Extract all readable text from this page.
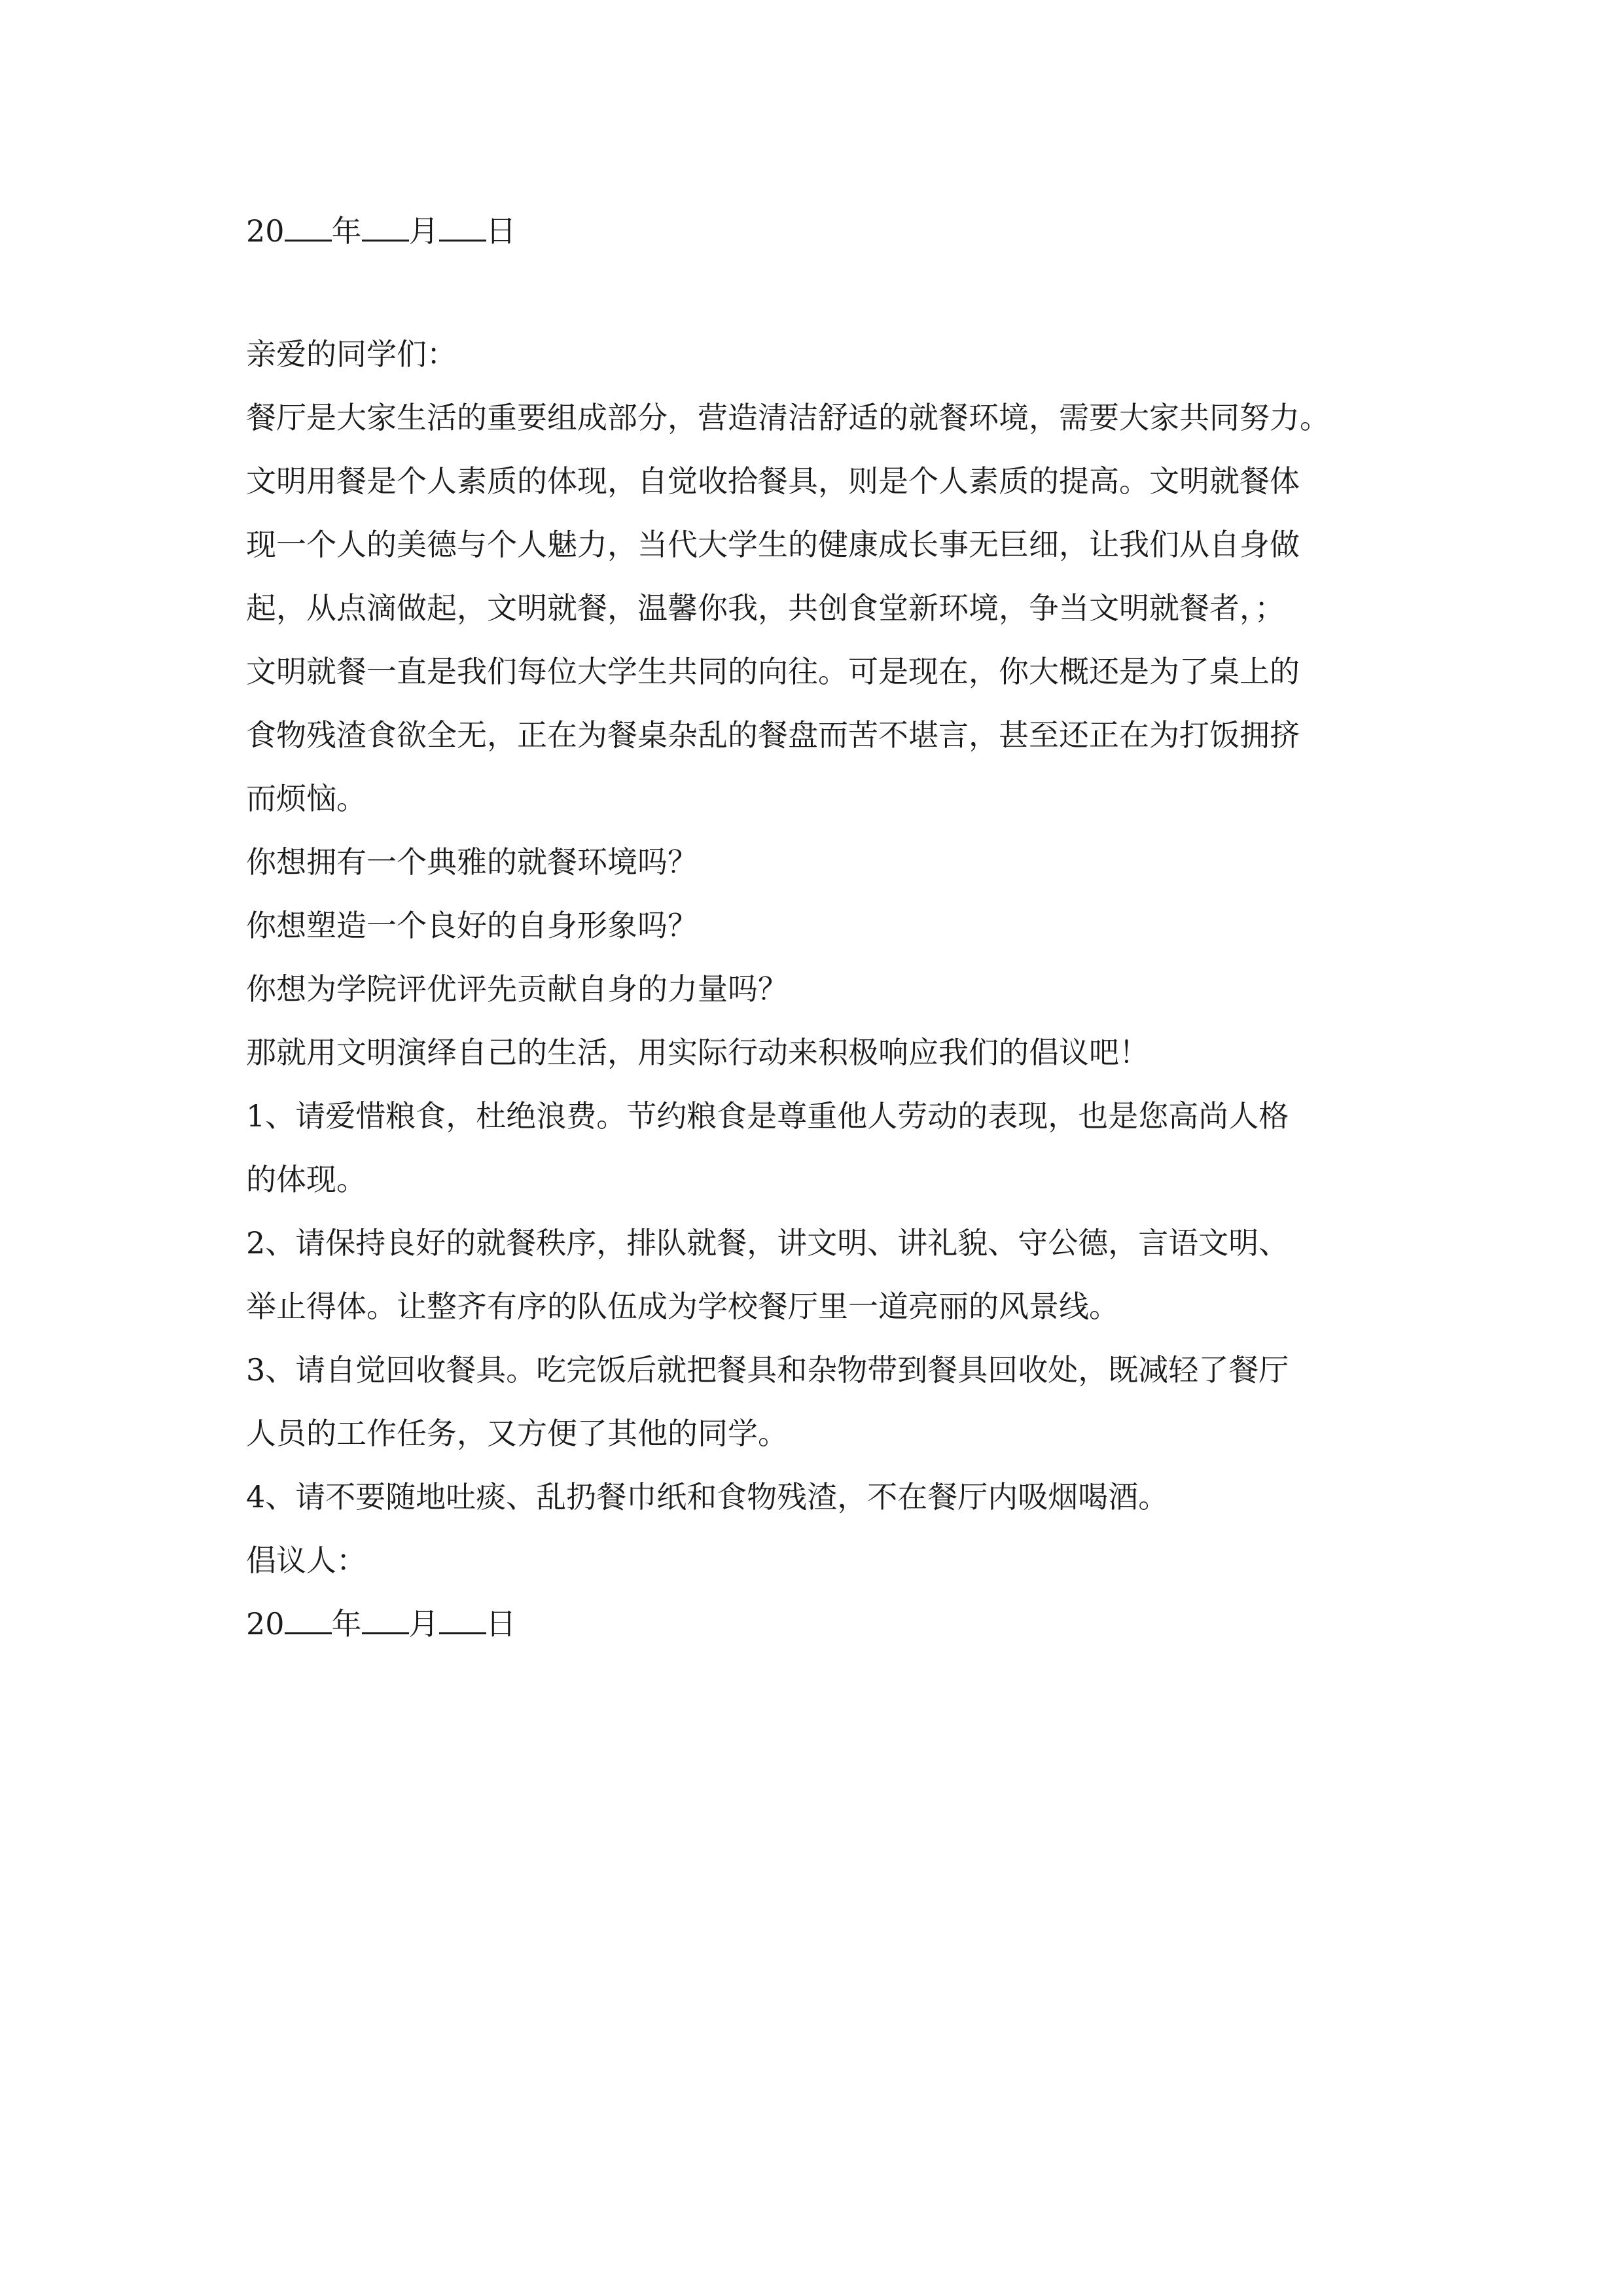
20 年 月 日
亲爱的同学们：
餐厅是大家生活的重要组成部分，营造清洁舒适的就餐环境，需要大家共同努力。
文明用餐是个人素质的体现，自觉收拾餐具，则是个人素质的提高。文明就餐体
现一个人的美德与个人魅力，当代大学生的健康成长事无巨细，让我们从自身做
起，从点滴做起，文明就餐，温馨你我，共创食堂新环境，争当文明就餐者，；
文明就餐一直是我们每位大学生共同的向往。可是现在，你大概还是为了桌上的
食物残渣食欲全无，正在为餐桌杂乱的餐盘而苦不堪言，甚至还正在为打饭拥挤
而烦恼。
你想拥有一个典雅的就餐环境吗？
你想塑造一个良好的自身形象吗？
你想为学院评优评先贡献自身的力量吗？
那就用文明演绎自己的生活，用实际行动来积极响应我们的倡议吧！
1、请爱惜粮食，杜绝浪费。节约粮食是尊重他人劳动的表现，也是您高尚人格
的体现。
2、请保持良好的就餐秩序，排队就餐，讲文明、讲礼貌、守公德，言语文明、
举止得体。让整齐有序的队伍成为学校餐厅里一道亮丽的风景线。
3、请自觉回收餐具。吃完饭后就把餐具和杂物带到餐具回收处，既减轻了餐厅
人员的工作任务，又方便了其他的同学。
4、请不要随地吐痰、乱扔餐巾纸和食物残渣，不在餐厅内吸烟喝酒。
倡议人：
20 年 月 日
